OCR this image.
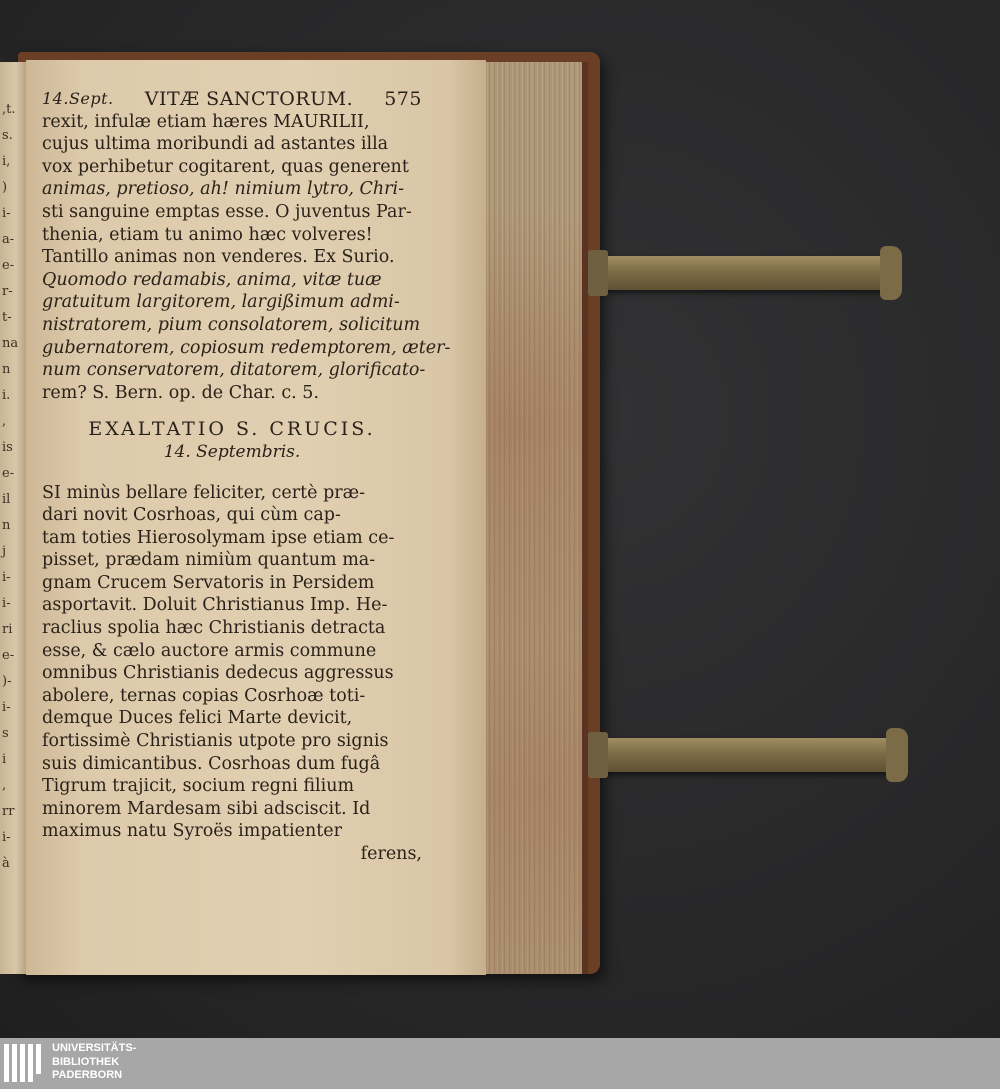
,t.
s.
i,
)
i-
a-
e-
r-
t-
na
n
i.
,
is
e-
il
n
j
i-
i-
ri
e-
)-
i-
s
i
,
rr
i-
à
14.Sept. VITÆ SANCTORUM. 575
rexit, infulæ etiam hæres MAURILII,
cujus ultima moribundi ad astantes illa
vox perhibetur cogitarent, quas generent
animas, pretioso, ah! nimium lytro, Chri-
sti sanguine emptas esse. O juventus Par-
thenia, etiam tu animo hæc volveres!
Tantillo animas non venderes. Ex Surio.
Quomodo redamabis, anima, vitæ tuæ
gratuitum largitorem, largißimum admi-
nistratorem, pium consolatorem, solicitum
gubernatorem, copiosum redemptorem, æter-
num conservatorem, ditatorem, glorificato-
rem? S. Bern. op. de Char. c. 5.
EXALTATIO S. CRUCIS.
14. Septembris.
SI minùs bellare feliciter, certè præ-
dari novit Cosrhoas, qui cùm cap-
tam toties Hierosolymam ipse etiam ce-
pisset, prædam nimiùm quantum ma-
gnam Crucem Servatoris in Persidem
asportavit. Doluit Christianus Imp. He-
raclius spolia hæc Christianis detracta
esse, & cælo auctore armis commune
omnibus Christianis dedecus aggressus
abolere, ternas copias Cosrhoæ toti-
demque Duces felici Marte devicit,
fortissimè Christianis utpote pro signis
suis dimicantibus. Cosrhoas dum fugâ
Tigrum trajicit, socium regni filium
minorem Mardesam sibi adsciscit. Id
maximus natu Syroës impatienter
ferens,
UNIVERSITÄTS-
BIBLIOTHEK
PADERBORN
